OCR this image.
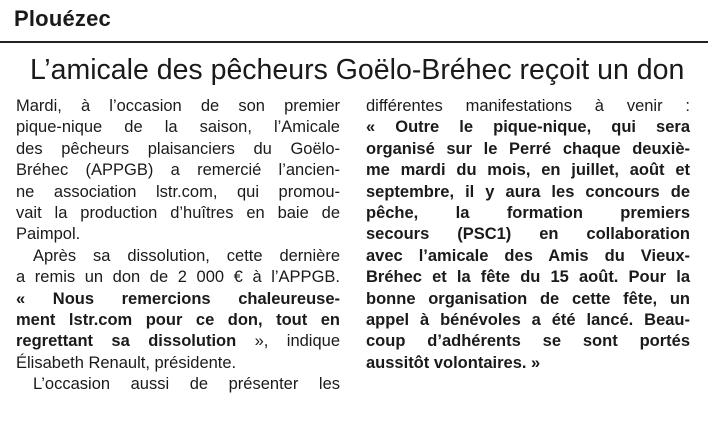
Plouézec
L’amicale des pêcheurs Goëlo-Bréhec reçoit un don
Mardi, à l’occasion de son premier
pique-nique de la saison, l’Amicale
des pêcheurs plaisanciers du Goëlo-
Bréhec (APPGB) a remercié l’ancien-
ne association lstr.com, qui promou-
vait la production d’huîtres en baie de
Paimpol.
Après sa dissolution, cette dernière
a remis un don de 2 000 € à l’APPGB.
« Nous remercions chaleureuse-
ment lstr.com pour ce don, tout en
regrettant sa dissolution », indique
Élisabeth Renault, présidente.
L’occasion aussi de présenter les
différentes manifestations à venir :
« Outre le pique-nique, qui sera
organisé sur le Perré chaque deuxiè-
me mardi du mois, en juillet, août et
septembre, il y aura les concours de
pêche, la formation premiers
secours (PSC1) en collaboration
avec l’amicale des Amis du Vieux-
Bréhec et la fête du 15 août. Pour la
bonne organisation de cette fête, un
appel à bénévoles a été lancé. Beau-
coup d’adhérents se sont portés
aussitôt volontaires. »
